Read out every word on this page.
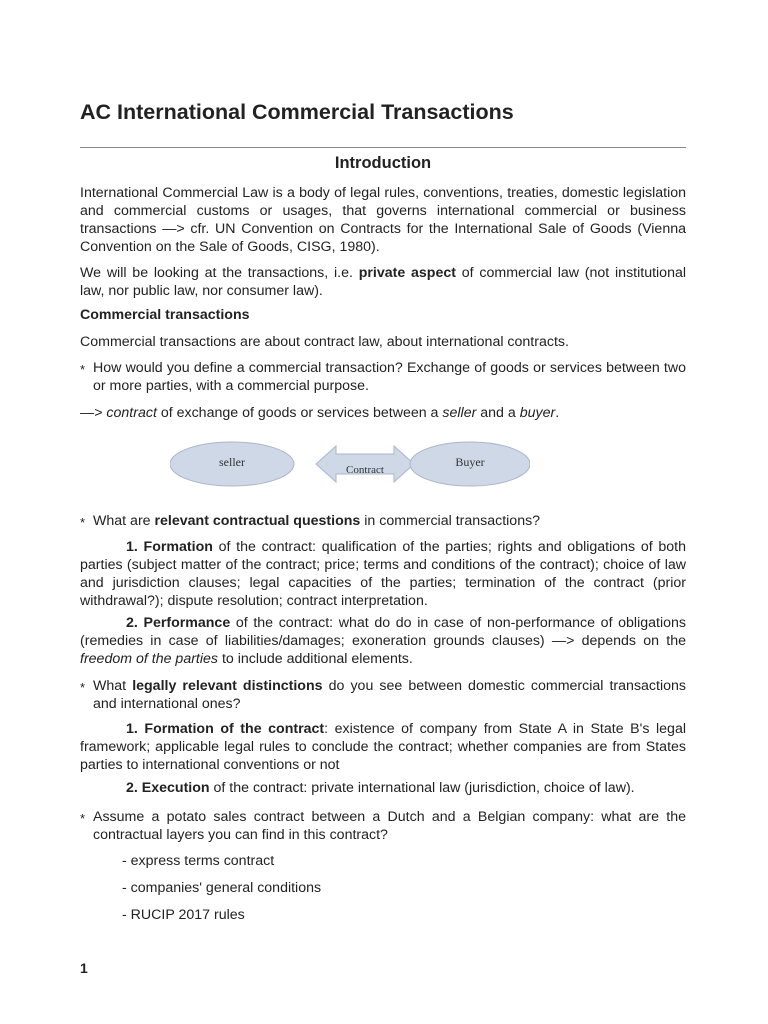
AC International Commercial Transactions
Introduction

International Commercial Law is a body of legal rules, conventions, treaties, domestic legislation and commercial customs or usages, that governs international commercial or business transactions —> cfr. UN Convention on Contracts for the International Sale of Goods (Vienna Convention on the Sale of Goods, CISG, 1980).

We will be looking at the transactions, i.e. private aspect of commercial law (not institutional law, nor public law, nor consumer law).

Commercial transactions

Commercial transactions are about contract law, about international contracts.

* How would you define a commercial transaction? Exchange of goods or services between two or more parties, with a commercial purpose.

—> contract of exchange of goods or services between a seller and a buyer.

seller
Contract
Buyer
* What are relevant contractual questions in commercial transactions?

1. Formation of the contract: qualification of the parties; rights and obligations of both parties (subject matter of the contract; price; terms and conditions of the contract); choice of law and jurisdiction clauses; legal capacities of the parties; termination of the contract (prior withdrawal?); dispute resolution; contract interpretation.

2. Performance of the contract: what do do in case of non-performance of obligations (remedies in case of liabilities/damages; exoneration grounds clauses) —> depends on the freedom of the parties to include additional elements.

* What legally relevant distinctions do you see between domestic commercial transactions and international ones?

1. Formation of the contract: existence of company from State A in State B's legal framework; applicable legal rules to conclude the contract; whether companies are from States parties to international conventions or not

2. Execution of the contract: private international law (jurisdiction, choice of law).

* Assume a potato sales contract between a Dutch and a Belgian company: what are the contractual layers you can find in this contract?

- express terms contract

- companies' general conditions

- RUCIP 2017 rules

1
